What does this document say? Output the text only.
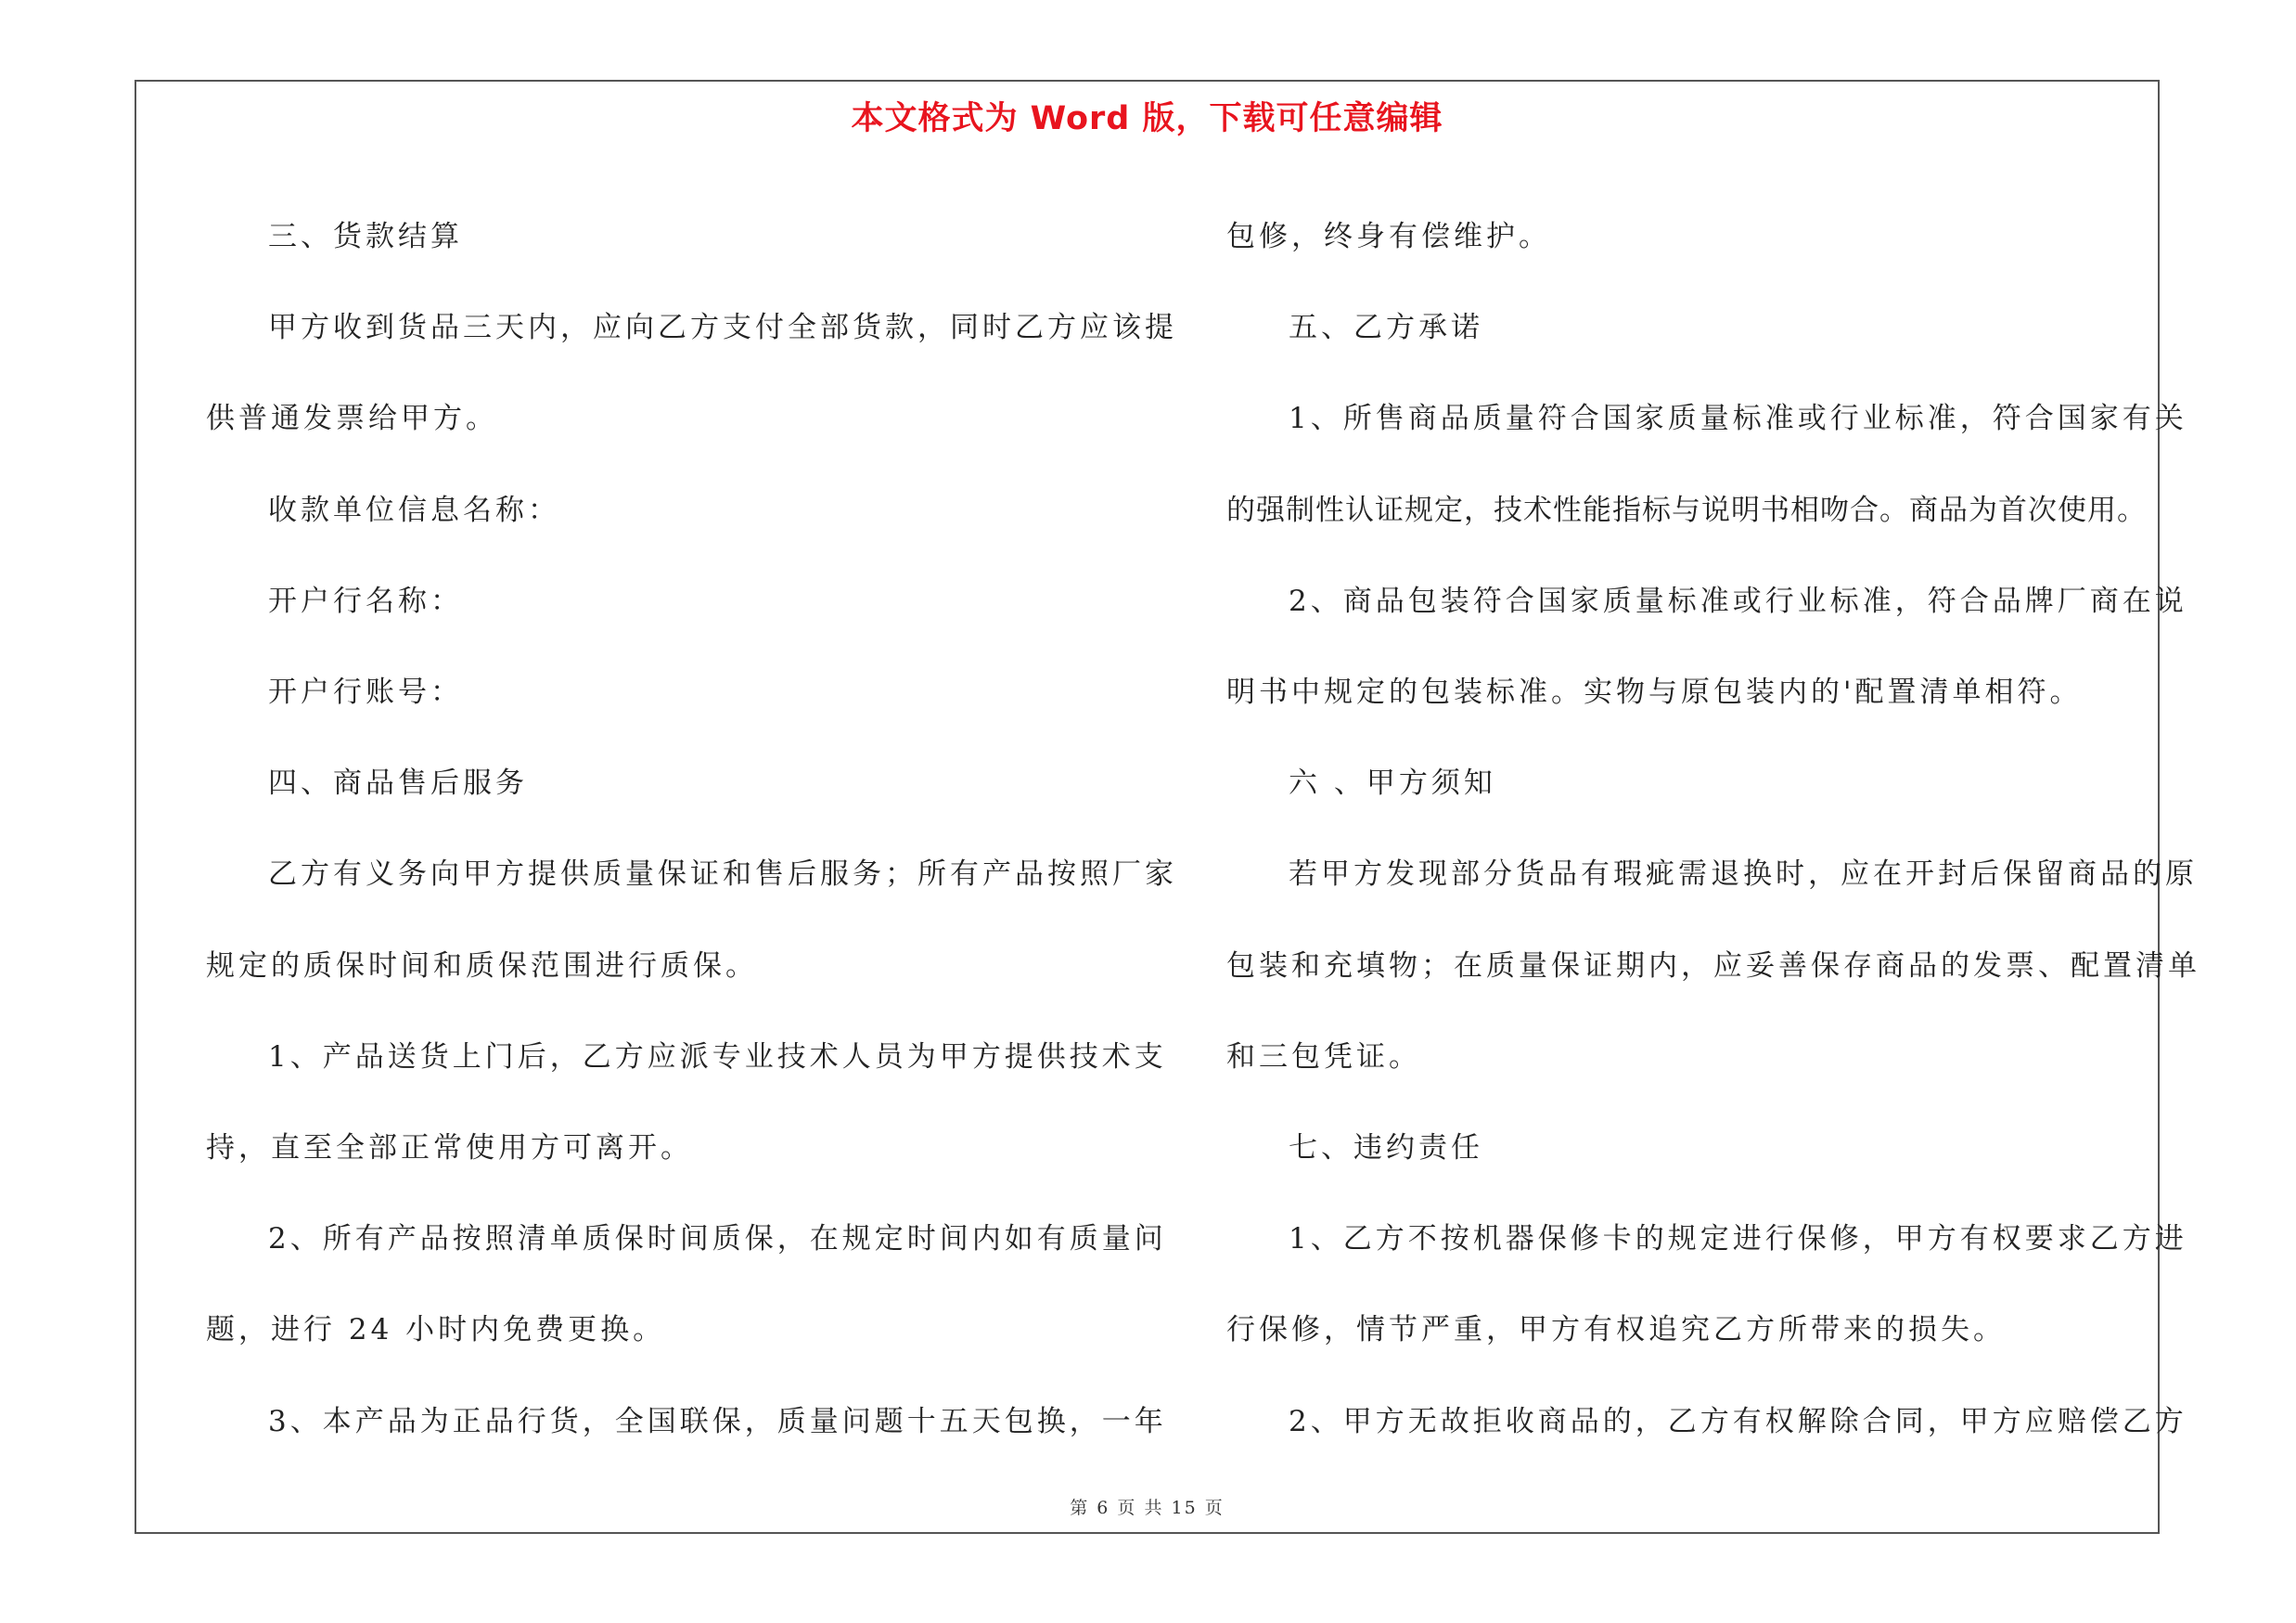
本文格式为 Word 版，下载可任意编辑
三、货款结算
甲方收到货品三天内，应向乙方支付全部货款，同时乙方应该提
供普通发票给甲方。
收款单位信息名称：
开户行名称：
开户行账号：
四、商品售后服务
乙方有义务向甲方提供质量保证和售后服务；所有产品按照厂家
规定的质保时间和质保范围进行质保。
1、产品送货上门后，乙方应派专业技术人员为甲方提供技术支
持，直至全部正常使用方可离开。
2、所有产品按照清单质保时间质保，在规定时间内如有质量问
题，进行 24 小时内免费更换。
3、本产品为正品行货，全国联保，质量问题十五天包换，一年
包修，终身有偿维护。
五、乙方承诺
1、所售商品质量符合国家质量标准或行业标准，符合国家有关
的强制性认证规定，技术性能指标与说明书相吻合。商品为首次使用。
2、商品包装符合国家质量标准或行业标准，符合品牌厂商在说
明书中规定的包装标准。实物与原包装内的'配置清单相符。
六 、甲方须知
若甲方发现部分货品有瑕疵需退换时，应在开封后保留商品的原
包装和充填物；在质量保证期内，应妥善保存商品的发票、配置清单
和三包凭证。
七、违约责任
1、乙方不按机器保修卡的规定进行保修，甲方有权要求乙方进
行保修，情节严重，甲方有权追究乙方所带来的损失。
2、甲方无故拒收商品的，乙方有权解除合同，甲方应赔偿乙方
第 6 页 共 15 页
